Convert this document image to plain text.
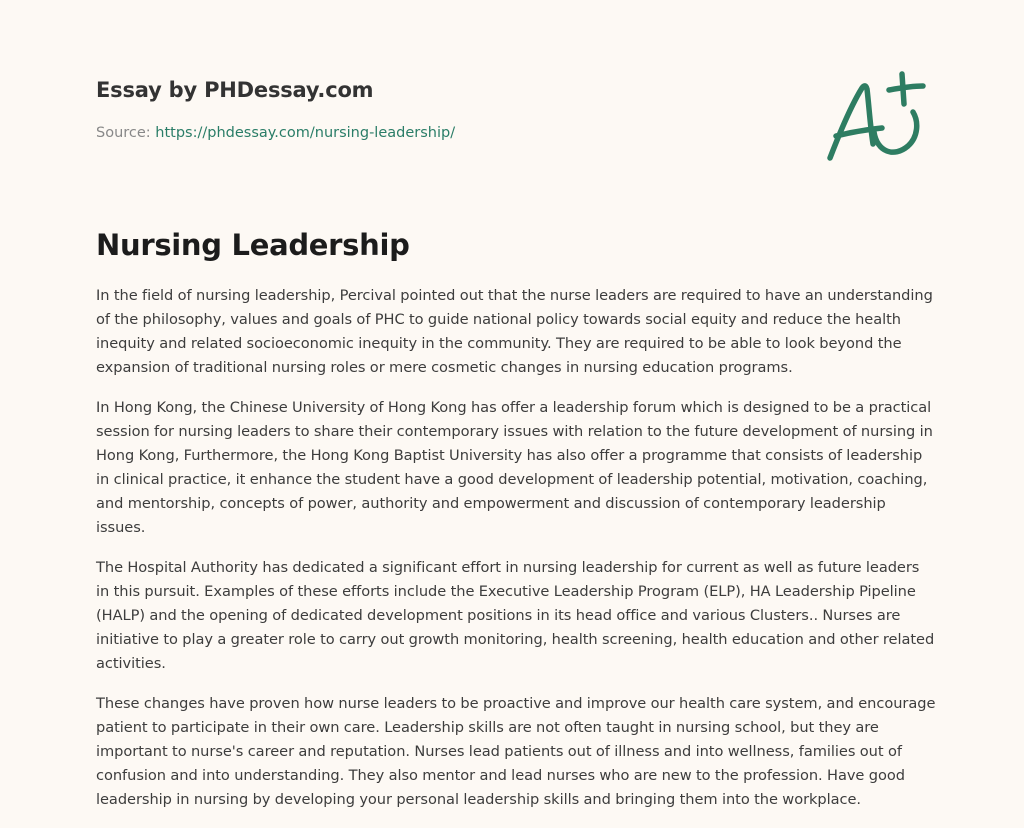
Essay by PHDessay.com
Source: https://phdessay.com/nursing-leadership/
Nursing Leadership

In the field of nursing leadership, Percival pointed out that the nurse leaders are required to have an understanding of the philosophy, values and goals of PHC to guide national policy towards social equity and reduce the health inequity and related socioeconomic inequity in the community. They are required to be able to look beyond the expansion of traditional nursing roles or mere cosmetic changes in nursing education programs.

In Hong Kong, the Chinese University of Hong Kong has offer a leadership forum which is designed to be a practical session for nursing leaders to share their contemporary issues with relation to the future development of nursing in Hong Kong, Furthermore, the Hong Kong Baptist University has also offer a programme that consists of leadership in clinical practice, it enhance the student have a good development of leadership potential, motivation, coaching, and mentorship, concepts of power, authority and empowerment and discussion of contemporary leadership issues.

The Hospital Authority has dedicated a significant effort in nursing leadership for current as well as future leaders in this pursuit. Examples of these efforts include the Executive Leadership Program (ELP), HA Leadership Pipeline (HALP) and the opening of dedicated development positions in its head office and various Clusters.. Nurses are initiative to play a greater role to carry out growth monitoring, health screening, health education and other related activities.

These changes have proven how nurse leaders to be proactive and improve our health care system, and encourage patient to participate in their own care. Leadership skills are not often taught in nursing school, but they are important to nurse's career and reputation. Nurses lead patients out of illness and into wellness, families out of confusion and into understanding. They also mentor and lead nurses who are new to the profession. Have good leadership in nursing by developing your personal leadership skills and bringing them into the workplace.
